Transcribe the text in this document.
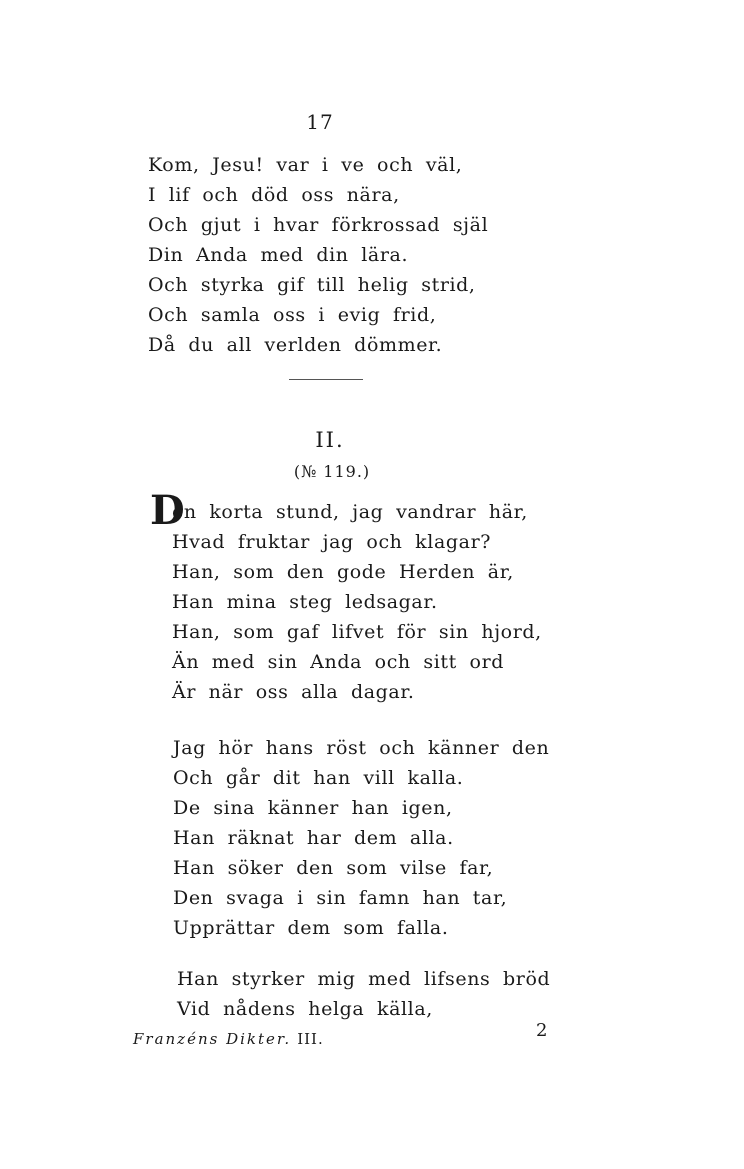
17
Kom, Jesu! var i ve och väl,
I lif och död oss nära,
Och gjut i hvar förkrossad själ
Din Anda med din lära.
Och styrka gif till helig strid,
Och samla oss i evig frid,
Då du all verlden dömmer.
II.
(№ 119.)
D
en korta stund, jag vandrar här,
Hvad fruktar jag och klagar?
Han, som den gode Herden är,
Han mina steg ledsagar.
Han, som gaf lifvet för sin hjord,
Än med sin Anda och sitt ord
Är när oss alla dagar.
Jag hör hans röst och känner den
Och går dit han vill kalla.
De sina känner han igen,
Han räknat har dem alla.
Han söker den som vilse far,
Den svaga i sin famn han tar,
Upprättar dem som falla.
Han styrker mig med lifsens bröd
Vid nådens helga källa,
Franzéns Dikter. III.	2
